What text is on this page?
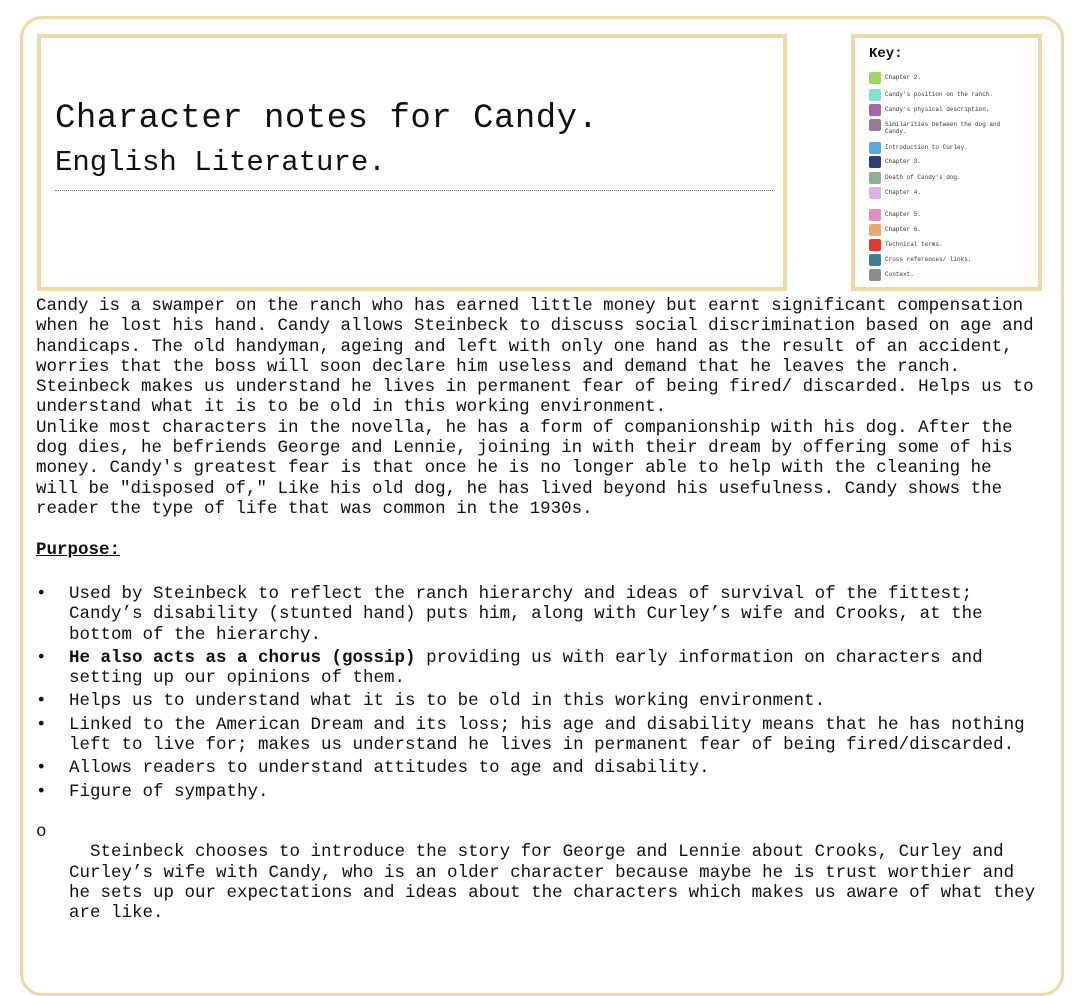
Character notes for Candy.
English Literature.
Key:
Chapter 2.
Candy's position on the ranch.
Candy's physical description.
Similarities between the dog and Candy.
Introduction to Curley.
Chapter 3.
Death of Candy's dog.
Chapter 4.
Chapter 5.
Chapter 6.
Technical terms.
Cross references/ links.
Context.
Candy is a swamper on the ranch who has earned little money but earnt significant compensation
when he lost his hand. Candy allows Steinbeck to discuss social discrimination based on age and
handicaps. The old handyman, ageing and left with only one hand as the result of an accident,
worries that the boss will soon declare him useless and demand that he leaves the ranch.
Steinbeck makes us understand he lives in permanent fear of being fired/ discarded. Helps us to
understand what it is to be old in this working environment.
Unlike most characters in the novella, he has a form of companionship with his dog. After the
dog dies, he befriends George and Lennie, joining in with their dream by offering some of his
money. Candy's greatest fear is that once he is no longer able to help with the cleaning he
will be "disposed of," Like his old dog, he has lived beyond his usefulness. Candy shows the
reader the type of life that was common in the 1930s.
Purpose:
• Used by Steinbeck to reflect the ranch hierarchy and ideas of survival of the fittest;
Candy’s disability (stunted hand) puts him, along with Curley’s wife and Crooks, at the
bottom of the hierarchy.
• He also acts as a chorus (gossip) providing us with early information on characters and
setting up our opinions of them.
• Helps us to understand what it is to be old in this working environment.
• Linked to the American Dream and its loss; his age and disability means that he has nothing
left to live for; makes us understand he lives in permanent fear of being fired/discarded.
• Allows readers to understand attitudes to age and disability.
• Figure of sympathy.

o
Steinbeck chooses to introduce the story for George and Lennie about Crooks, Curley and
Curley’s wife with Candy, who is an older character because maybe he is trust worthier and
he sets up our expectations and ideas about the characters which makes us aware of what they
are like.
